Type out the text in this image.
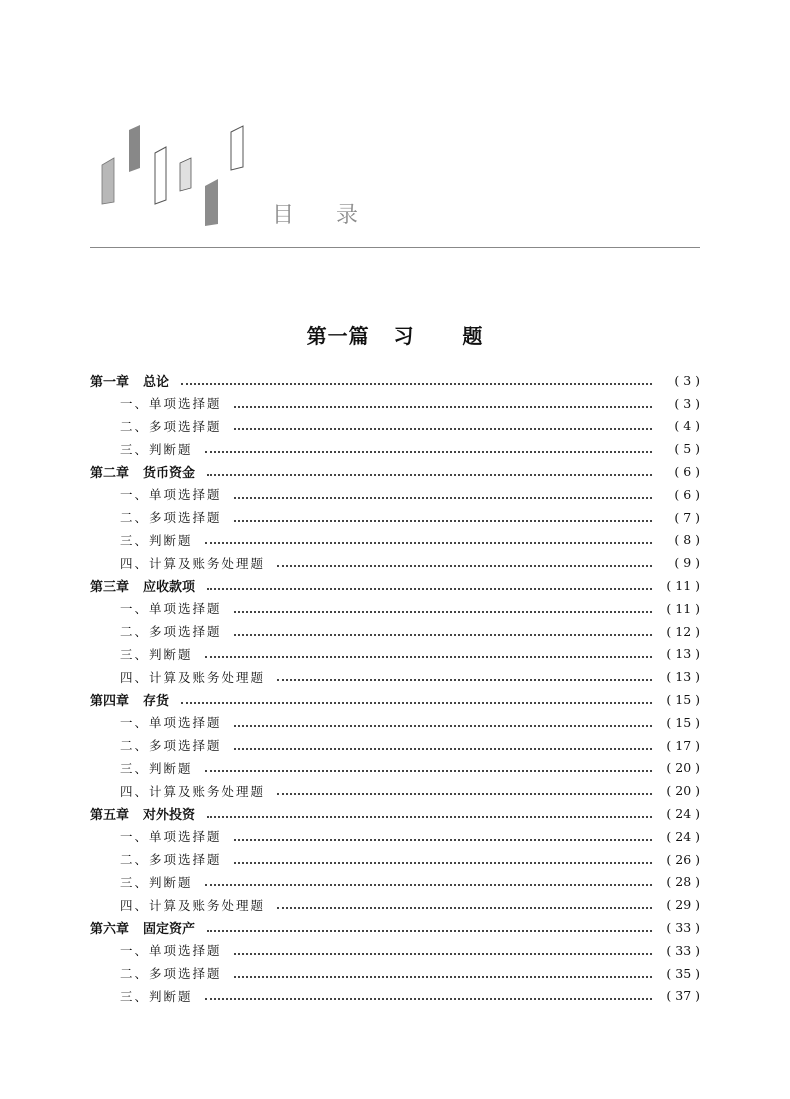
目 录
第一篇   习      题
第一章 总论	( 3 )
一、单项选择题	( 3 )
二、多项选择题	( 4 )
三、判断题	( 5 )
第二章 货币资金	( 6 )
一、单项选择题	( 6 )
二、多项选择题	( 7 )
三、判断题	( 8 )
四、计算及账务处理题	( 9 )
第三章 应收款项	( 11 )
一、单项选择题	( 11 )
二、多项选择题	( 12 )
三、判断题	( 13 )
四、计算及账务处理题	( 13 )
第四章 存货	( 15 )
一、单项选择题	( 15 )
二、多项选择题	( 17 )
三、判断题	( 20 )
四、计算及账务处理题	( 20 )
第五章 对外投资	( 24 )
一、单项选择题	( 24 )
二、多项选择题	( 26 )
三、判断题	( 28 )
四、计算及账务处理题	( 29 )
第六章 固定资产	( 33 )
一、单项选择题	( 33 )
二、多项选择题	( 35 )
三、判断题	( 37 )
